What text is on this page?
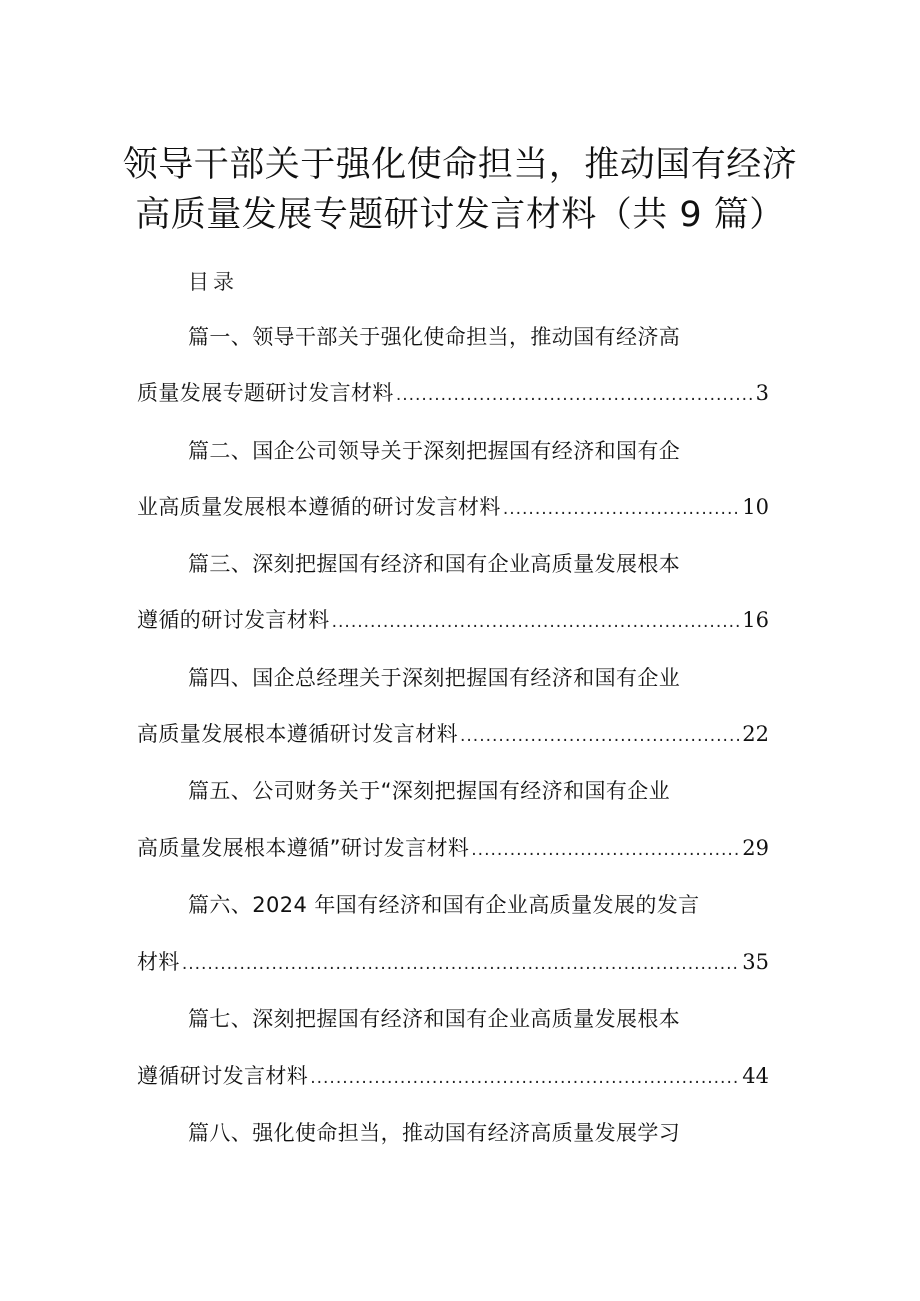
领导干部关于强化使命担当，推动国有经济
高质量发展专题研讨发言材料（共 9 篇）
目录
篇一、领导干部关于强化使命担当，推动国有经济高
质量发展专题研讨发言材料 .....	3
篇二、国企公司领导关于深刻把握国有经济和国有企
业高质量发展根本遵循的研讨发言材料 .....	10
篇三、深刻把握国有经济和国有企业高质量发展根本
遵循的研讨发言材料 .....	16
篇四、国企总经理关于深刻把握国有经济和国有企业
高质量发展根本遵循研讨发言材料 .....	22
篇五、公司财务关于“深刻把握国有经济和国有企业
高质量发展根本遵循”研讨发言材料 .....	29
篇六、2024 年国有经济和国有企业高质量发展的发言
材料 .....	35
篇七、深刻把握国有经济和国有企业高质量发展根本
遵循研讨发言材料 .....	44
篇八、强化使命担当，推动国有经济高质量发展学习
